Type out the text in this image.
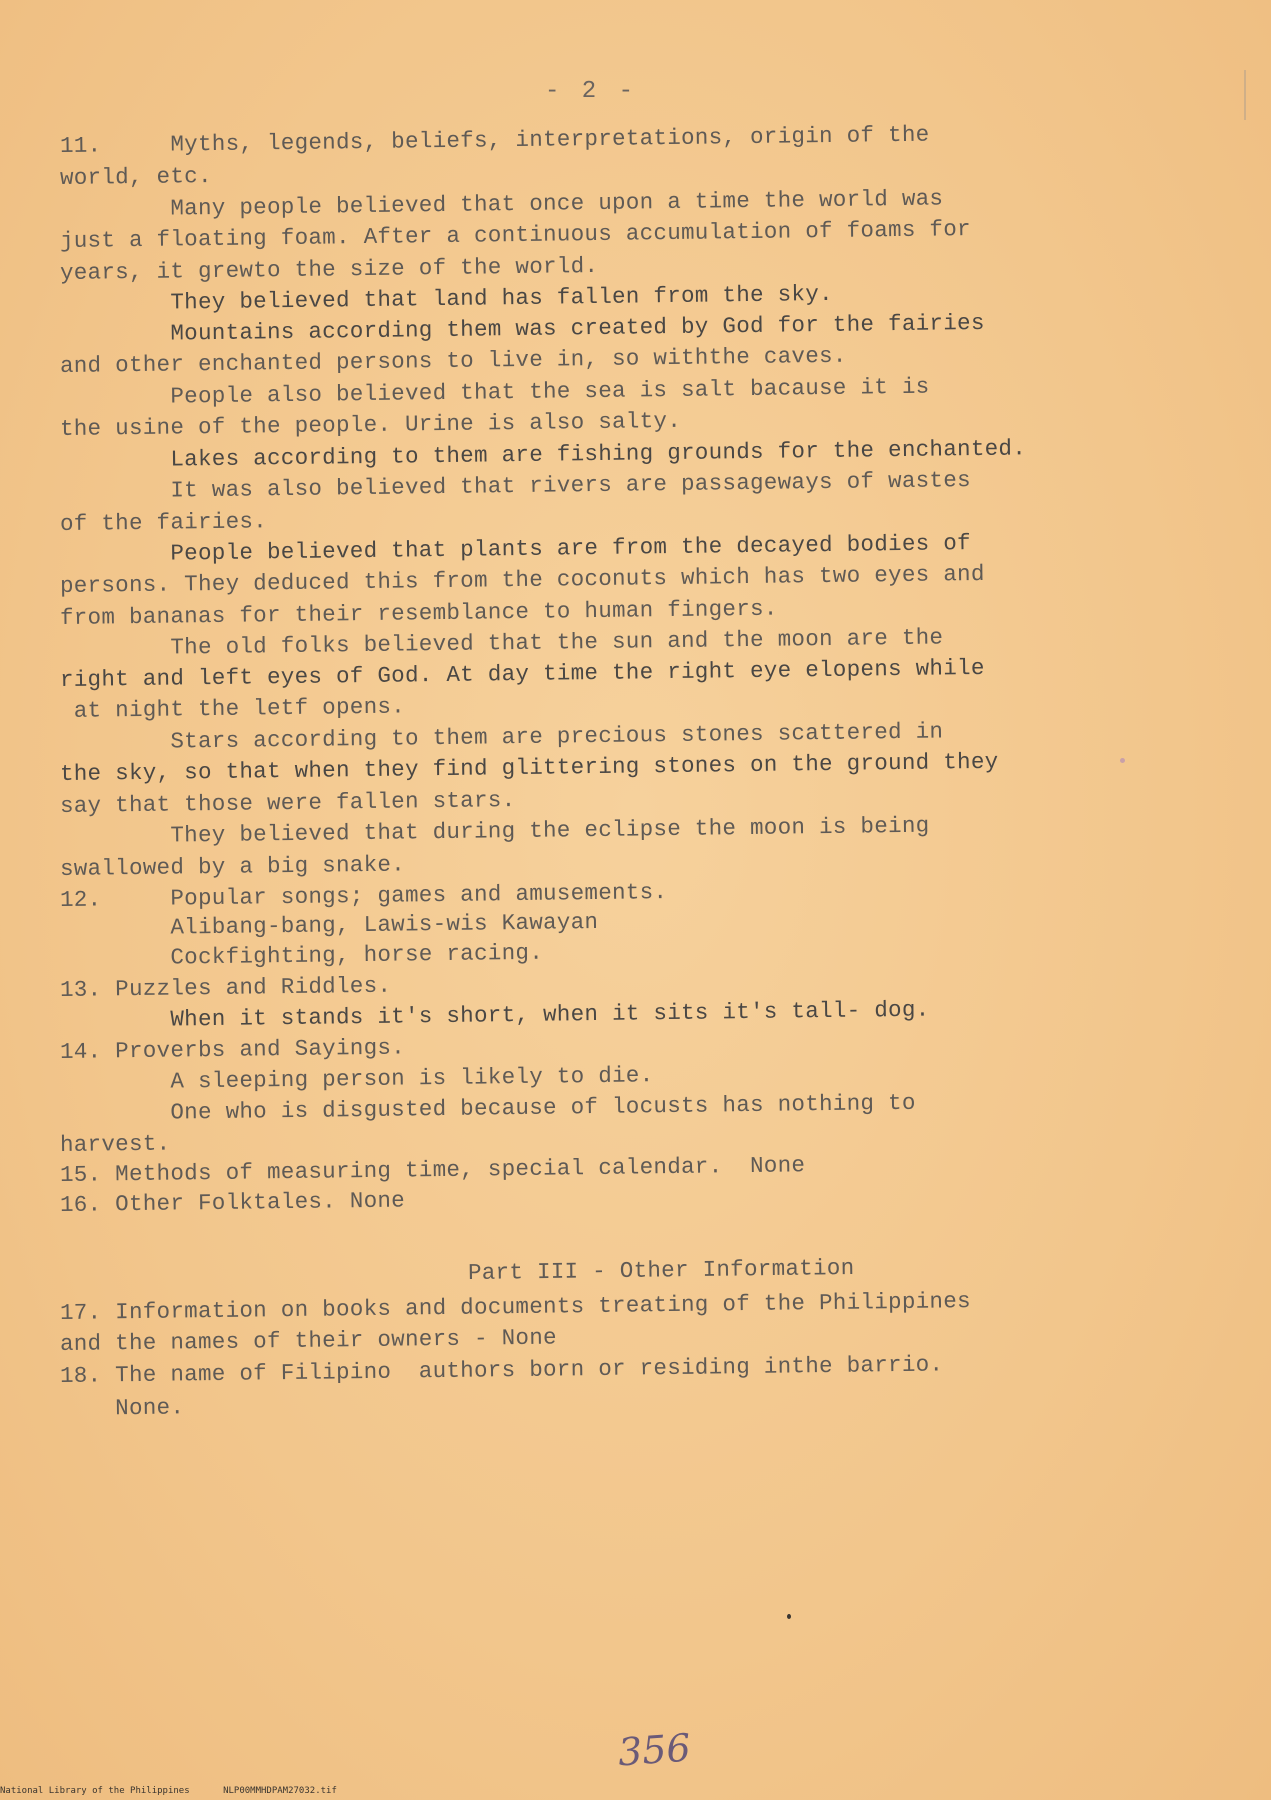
- 2 -
11.     Myths, legends, beliefs, interpretations, origin of the
world, etc.
Many people believed that once upon a time the world was
just a floating foam. After a continuous accumulation of foams for
years, it grewto the size of the world.
They believed that land has fallen from the sky.
Mountains according them was created by God for the fairies
and other enchanted persons to live in, so withthe caves.
People also believed that the sea is salt bacause it is
the usine of the people. Urine is also salty.
Lakes according to them are fishing grounds for the enchanted.
It was also believed that rivers are passageways of wastes
of the fairies.
People believed that plants are from the decayed bodies of
persons. They deduced this from the coconuts which has two eyes and
from bananas for their resemblance to human fingers.
The old folks believed that the sun and the moon are the
right and left eyes of God. At day time the right eye elopens while
at night the letf opens.
Stars according to them are precious stones scattered in
the sky, so that when they find glittering stones on the ground they
say that those were fallen stars.
They believed that during the eclipse the moon is being
swallowed by a big snake.
12.     Popular songs; games and amusements.
Alibang-bang, Lawis-wis Kawayan
Cockfighting, horse racing.
13. Puzzles and Riddles.
When it stands it's short, when it sits it's tall- dog.
14. Proverbs and Sayings.
A sleeping person is likely to die.
One who is disgusted because of locusts has nothing to
harvest.
15. Methods of measuring time, special calendar.  None
16. Other Folktales. None
Part III - Other Information
17. Information on books and documents treating of the Philippines
and the names of their owners - None
18. The name of Filipino  authors born or residing inthe barrio.
None.
356
National Library of the Philippines	NLP00MMHDPAM27032.tif
